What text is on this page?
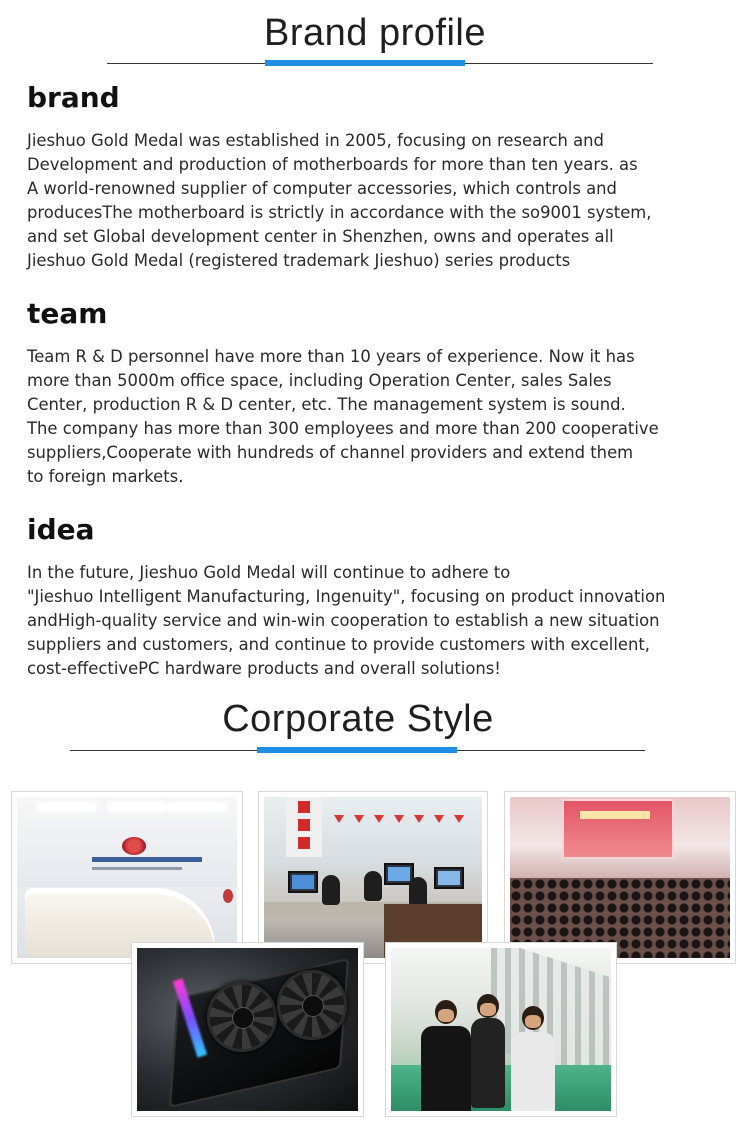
Brand profile
brand
Jieshuo Gold Medal was established in 2005, focusing on research and
Development and production of motherboards for more than ten years. as
A world-renowned supplier of computer accessories, which controls and
producesThe motherboard is strictly in accordance with the so9001 system,
and set Global development center in Shenzhen, owns and operates all
Jieshuo Gold Medal (registered trademark Jieshuo) series products
team
Team R & D personnel have more than 10 years of experience. Now it has
more than 5000m office space, including Operation Center, sales Sales
Center, production R & D center, etc. The management system is sound.
The company has more than 300 employees and more than 200 cooperative
suppliers,Cooperate with hundreds of channel providers and extend them
to foreign markets.
idea
In the future, Jieshuo Gold Medal will continue to adhere to
"Jieshuo Intelligent Manufacturing, Ingenuity", focusing on product innovation
andHigh-quality service and win-win cooperation to establish a new situation
suppliers and customers, and continue to provide customers with excellent,
cost-effectivePC hardware products and overall solutions!
Corporate Style
